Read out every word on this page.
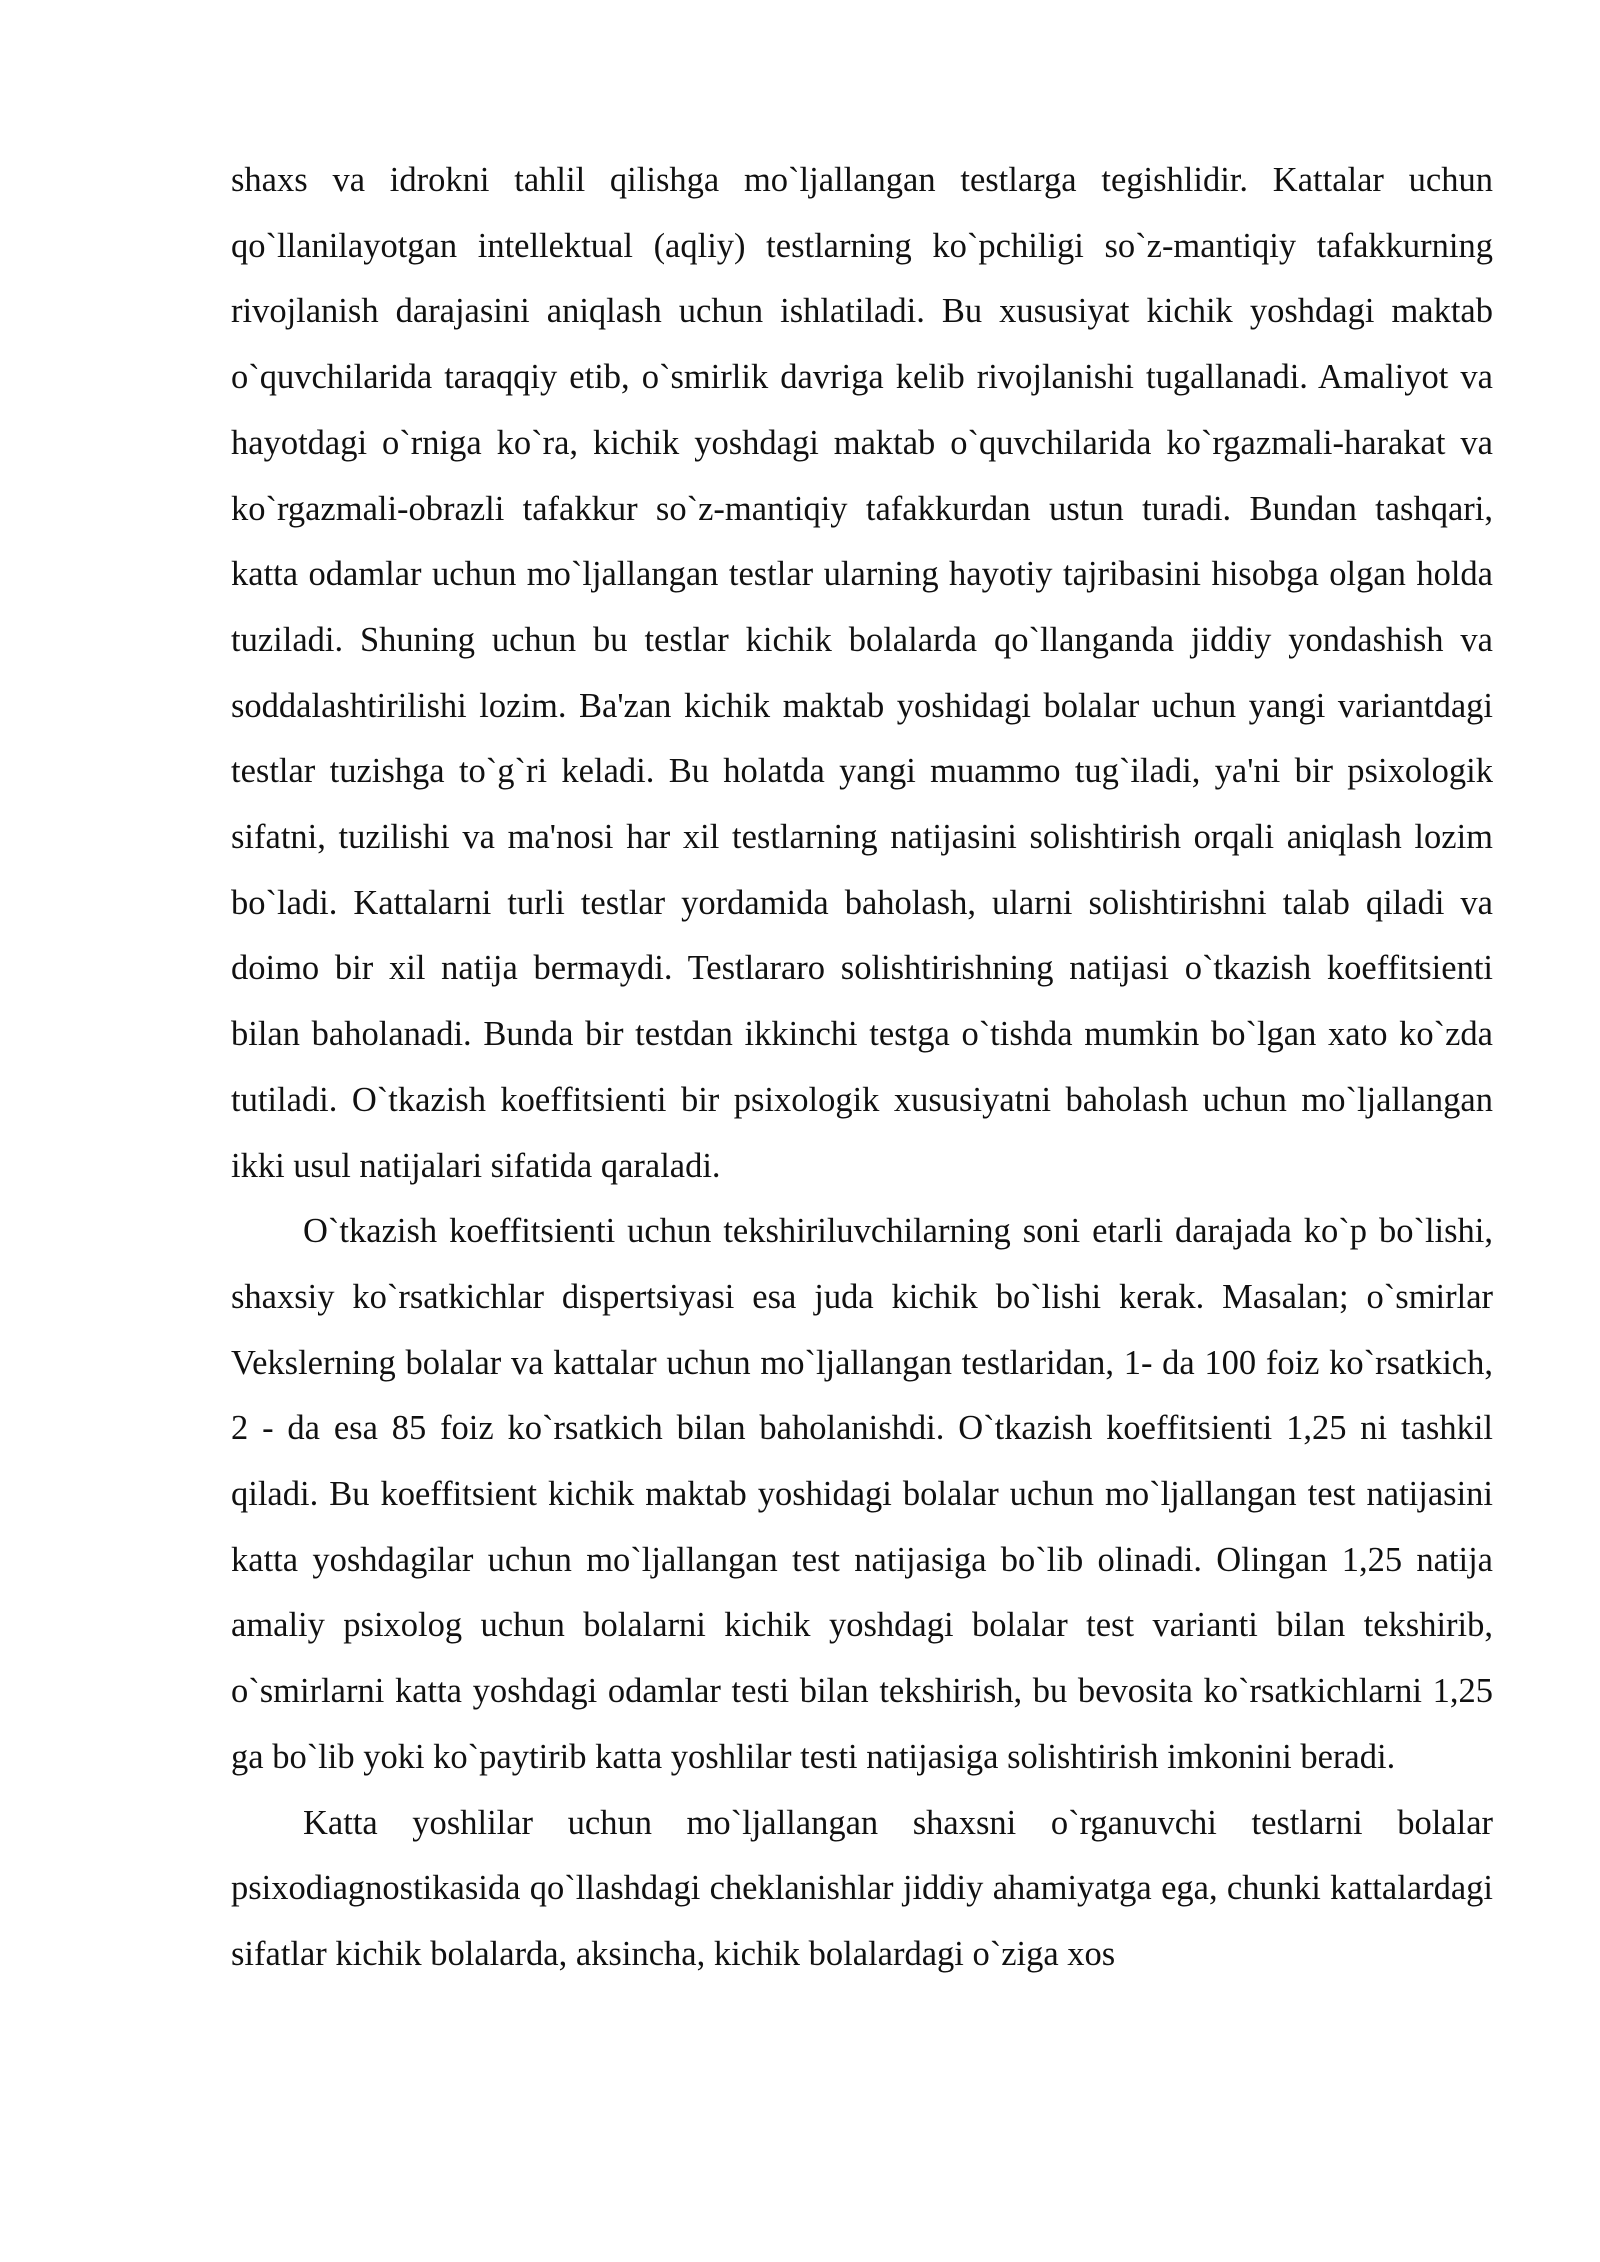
shaxs va idrokni tahlil qilishga mo`ljallangan testlarga tegishlidir. Kattalar uchun qo`llanilayotgan intellektual (aqliy) testlarning ko`pchiligi so`z-mantiqiy tafakkurning rivojlanish darajasini aniqlash uchun ishlatiladi. Bu xususiyat kichik yoshdagi maktab o`quvchilarida taraqqiy etib, o`smirlik davriga kelib rivojlanishi tugallanadi. Amaliyot va hayotdagi o`rniga ko`ra, kichik yoshdagi maktab o`quvchilarida ko`rgazmali-harakat va ko`rgazmali-obrazli tafakkur so`z-mantiqiy tafakkurdan ustun turadi. Bundan tashqari, katta odamlar uchun mo`ljallangan testlar ularning hayotiy tajribasini hisobga olgan holda tuziladi. Shuning uchun bu testlar kichik bolalarda qo`llanganda jiddiy yondashish va soddalashtirilishi lozim. Ba'zan kichik maktab yoshidagi bolalar uchun yangi variantdagi testlar tuzishga to`g`ri keladi. Bu holatda yangi muammo tug`iladi, ya'ni bir psixologik sifatni, tuzilishi va ma'nosi har xil testlarning natijasini solishtirish orqali aniqlash lozim bo`ladi. Kattalarni turli testlar yordamida baholash, ularni solishtirishni talab qiladi va doimo bir xil natija bermaydi. Testlararo solishtirishning natijasi o`tkazish koeffitsienti bilan baholanadi. Bunda bir testdan ikkinchi testga o`tishda mumkin bo`lgan xato ko`zda tutiladi. O`tkazish koeffitsienti bir psixologik xususiyatni baholash uchun mo`ljallangan ikki usul natijalari sifatida qaraladi.

O`tkazish koeffitsienti uchun tekshiriluvchilarning soni etarli darajada ko`p bo`lishi, shaxsiy ko`rsatkichlar dispertsiyasi esa juda kichik bo`lishi kerak. Masalan; o`smirlar Vekslerning bolalar va kattalar uchun mo`ljallangan testlaridan, 1- da 100 foiz ko`rsatkich, 2 - da esa 85 foiz ko`rsatkich bilan baholanishdi. O`tkazish koeffitsienti 1,25 ni tashkil qiladi. Bu koeffitsient kichik maktab yoshidagi bolalar uchun mo`ljallangan test natijasini katta yoshdagilar uchun mo`ljallangan test natijasiga bo`lib olinadi. Olingan 1,25 natija amaliy psixolog uchun bolalarni kichik yoshdagi bolalar test varianti bilan tekshirib, o`smirlarni katta yoshdagi odamlar testi bilan tekshirish, bu bevosita ko`rsatkichlarni 1,25 ga bo`lib yoki ko`paytirib katta yoshlilar testi natijasiga solishtirish imkonini beradi.

Katta yoshlilar uchun mo`ljallangan shaxsni o`rganuvchi testlarni bolalar psixodiagnostikasida qo`llashdagi cheklanishlar jiddiy ahamiyatga ega, chunki kattalardagi sifatlar kichik bolalarda, aksincha, kichik bolalardagi o`ziga xos
